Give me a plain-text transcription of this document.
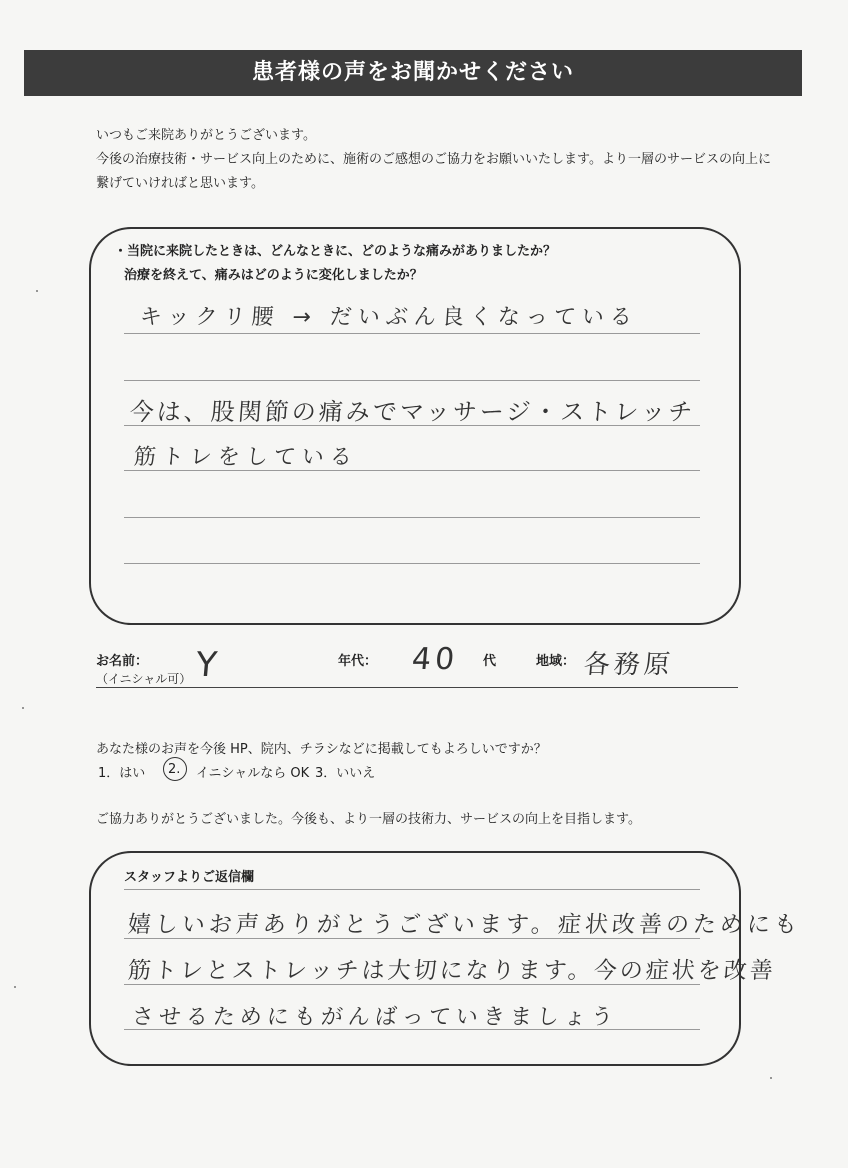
患者様の声をお聞かせください
いつもご来院ありがとうございます。
今後の治療技術・サービス向上のために、施術のご感想のご協力をお願いいたします。より一層のサービスの向上に
繋げていければと思います。
・当院に来院したときは、どんなときに、どのような痛みがありましたか？
治療を終えて、痛みはどのように変化しましたか？
キックリ腰 → だいぶん良くなっている
今は、股関節の痛みでマッサージ・ストレッチ
筋トレをしている
お名前：
（イニシャル可） Y	年代： 40 代	地域： 各務原
あなた様のお声を今後 HP、院内、チラシなどに掲載してもよろしいですか？
1．はい 2. イニシャルなら OK 3．いいえ
ご協力ありがとうございました。今後も、より一層の技術力、サービスの向上を目指します。
スタッフよりご返信欄
嬉しいお声ありがとうございます。症状改善のためにも
筋トレとストレッチは大切になります。今の症状を改善
させるためにもがんばっていきましょう
